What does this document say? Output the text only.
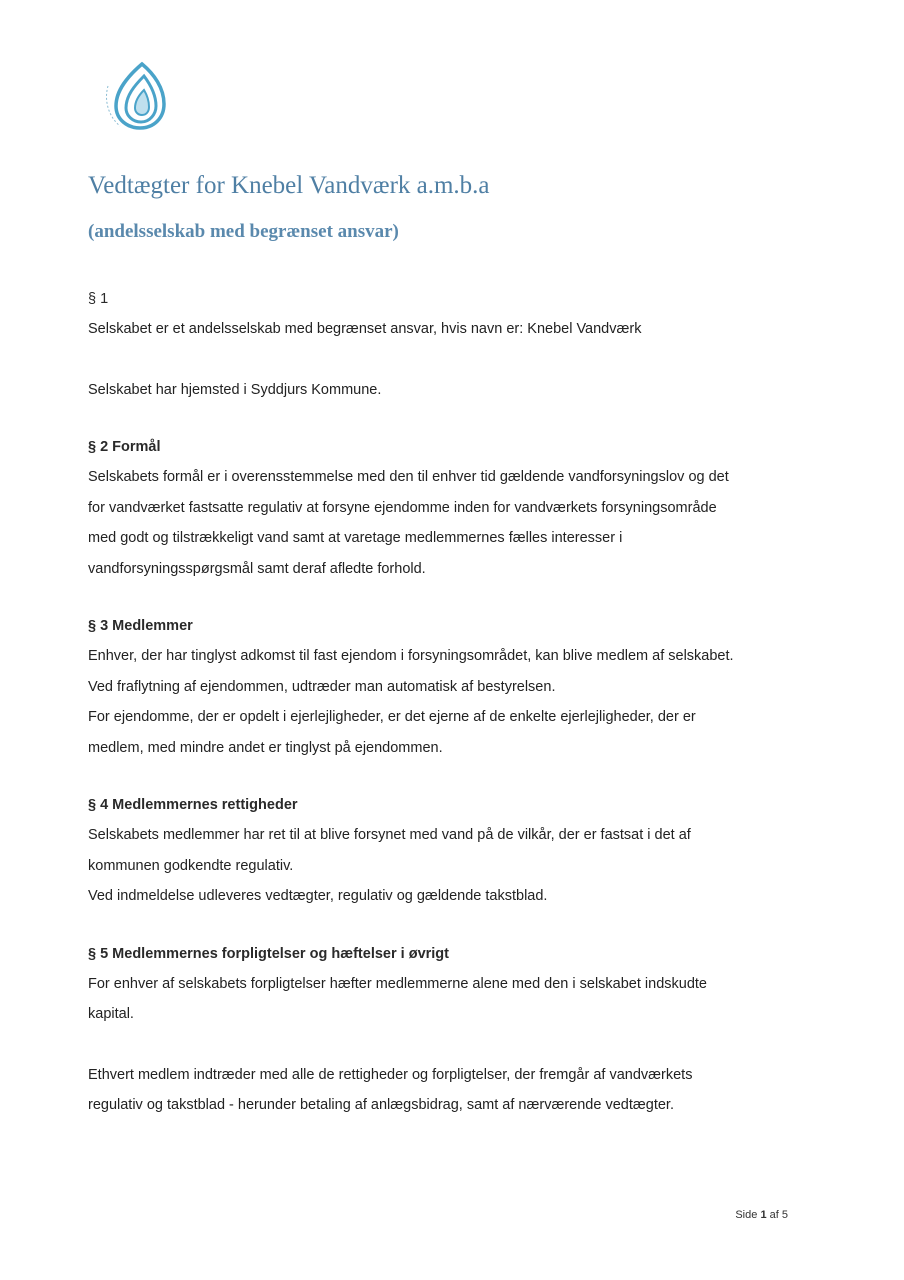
Vedtægter for Knebel Vandværk a.m.b.a
(andelsselskab med begrænset ansvar)
§ 1

Selskabet er et andelsselskab med begrænset ansvar, hvis navn er: Knebel Vandværk

Selskabet har hjemsted i Syddjurs Kommune.

§ 2 Formål

Selskabets formål er i overensstemmelse med den til enhver tid gældende vandforsyningslov og det

for vandværket fastsatte regulativ at forsyne ejendomme inden for vandværkets forsyningsområde

med godt og tilstrækkeligt vand samt at varetage medlemmernes fælles interesser i

vandforsyningsspørgsmål samt deraf afledte forhold.

§ 3 Medlemmer

Enhver, der har tinglyst adkomst til fast ejendom i forsyningsområdet, kan blive medlem af selskabet.

Ved fraflytning af ejendommen, udtræder man automatisk af bestyrelsen.

For ejendomme, der er opdelt i ejerlejligheder, er det ejerne af de enkelte ejerlejligheder, der er

medlem, med mindre andet er tinglyst på ejendommen.

§ 4 Medlemmernes rettigheder

Selskabets medlemmer har ret til at blive forsynet med vand på de vilkår, der er fastsat i det af

kommunen godkendte regulativ.

Ved indmeldelse udleveres vedtægter, regulativ og gældende takstblad.

§ 5 Medlemmernes forpligtelser og hæftelser i øvrigt

For enhver af selskabets forpligtelser hæfter medlemmerne alene med den i selskabet indskudte

kapital.

Ethvert medlem indtræder med alle de rettigheder og forpligtelser, der fremgår af vandværkets

regulativ og takstblad - herunder betaling af anlægsbidrag, samt af nærværende vedtægter.

Side 1 af 5
